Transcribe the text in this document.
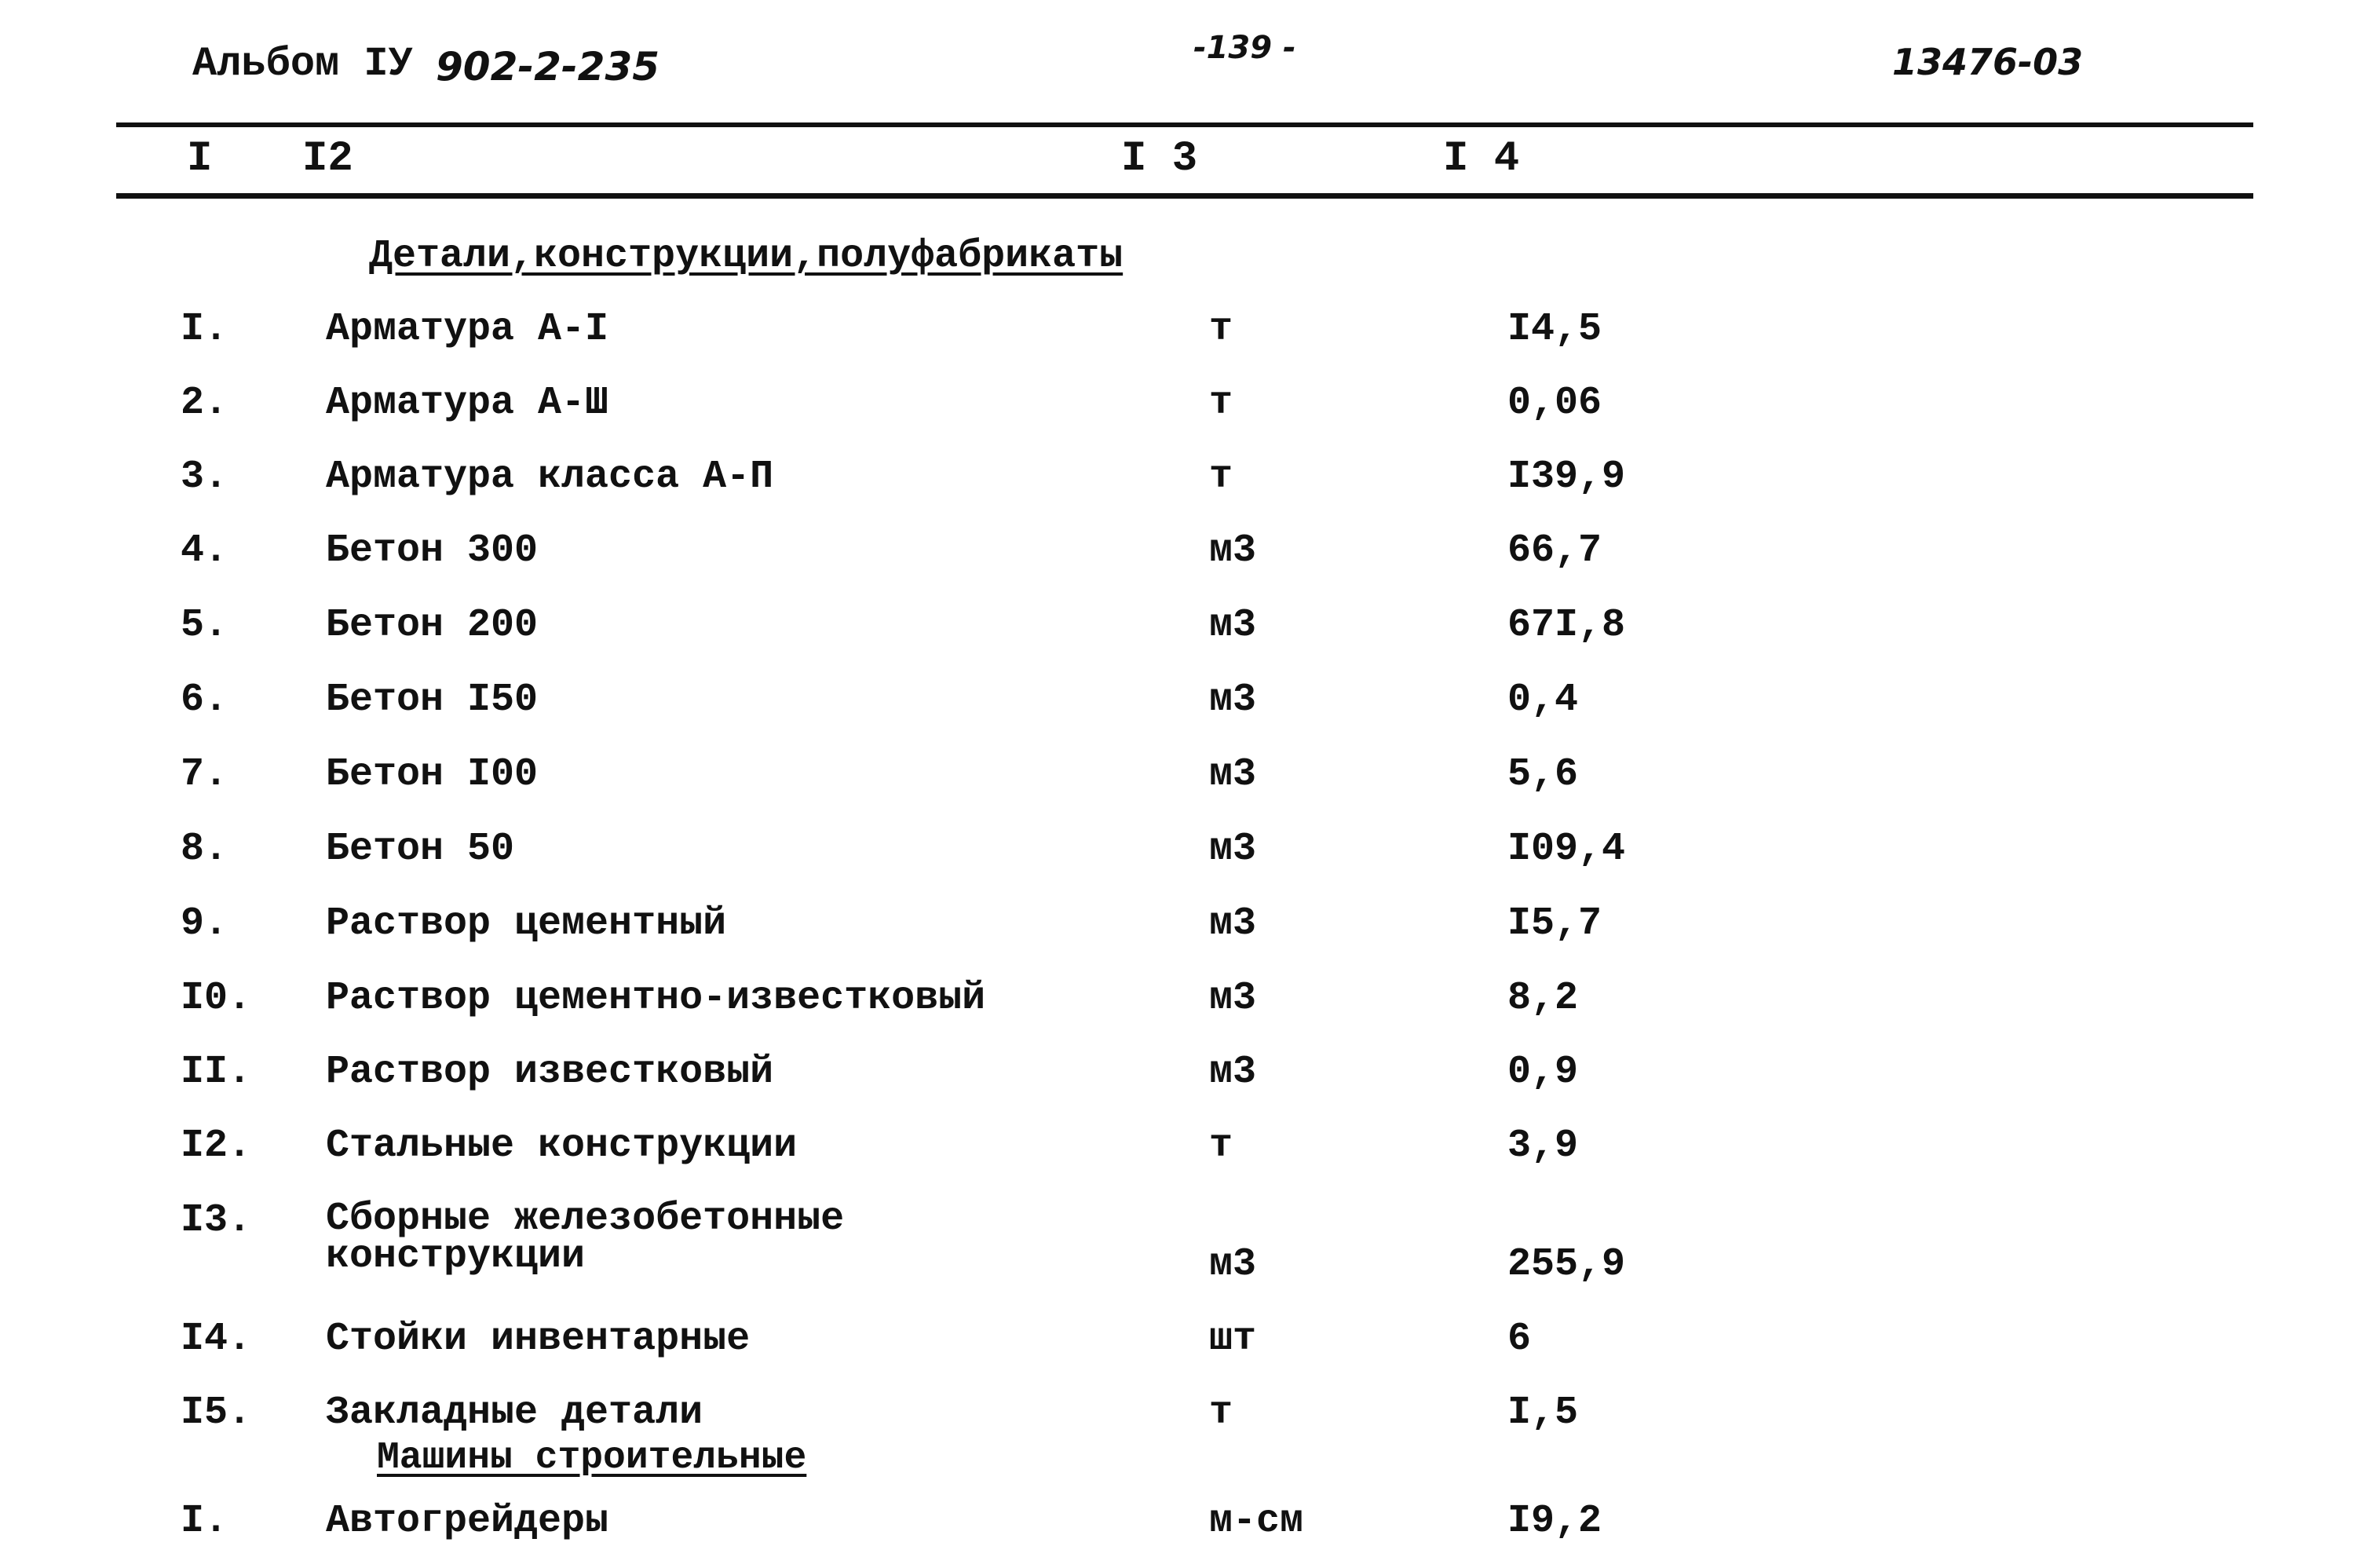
Альбом IУ 902-2-235	-139 -	13476-03
I I2	I 3	I 4
Детали,конструкции,полуфабрикаты
I. Арматура А-I	т	I4,5
2. Арматура А-Ш	т	0,06
3. Арматура класса А-П	т	I39,9
4. Бетон 300	м3	66,7
5. Бетон 200	м3	67I,8
6. Бетон I50	м3	0,4
7. Бетон I00	м3	5,6
8. Бетон 50	м3	I09,4
9. Раствор цементный	м3	I5,7
I0. Раствор цементно-известковый	м3	8,2
II. Раствор известковый	м3	0,9
I2. Стальные конструкции	т	3,9
I3. Сборные железобетонные
конструкции	м3	255,9
I4. Стойки инвентарные	шт	6
I5. Закладные детали	т	I,5
Машины строительные
I. Автогрейдеры	м-см	I9,2
